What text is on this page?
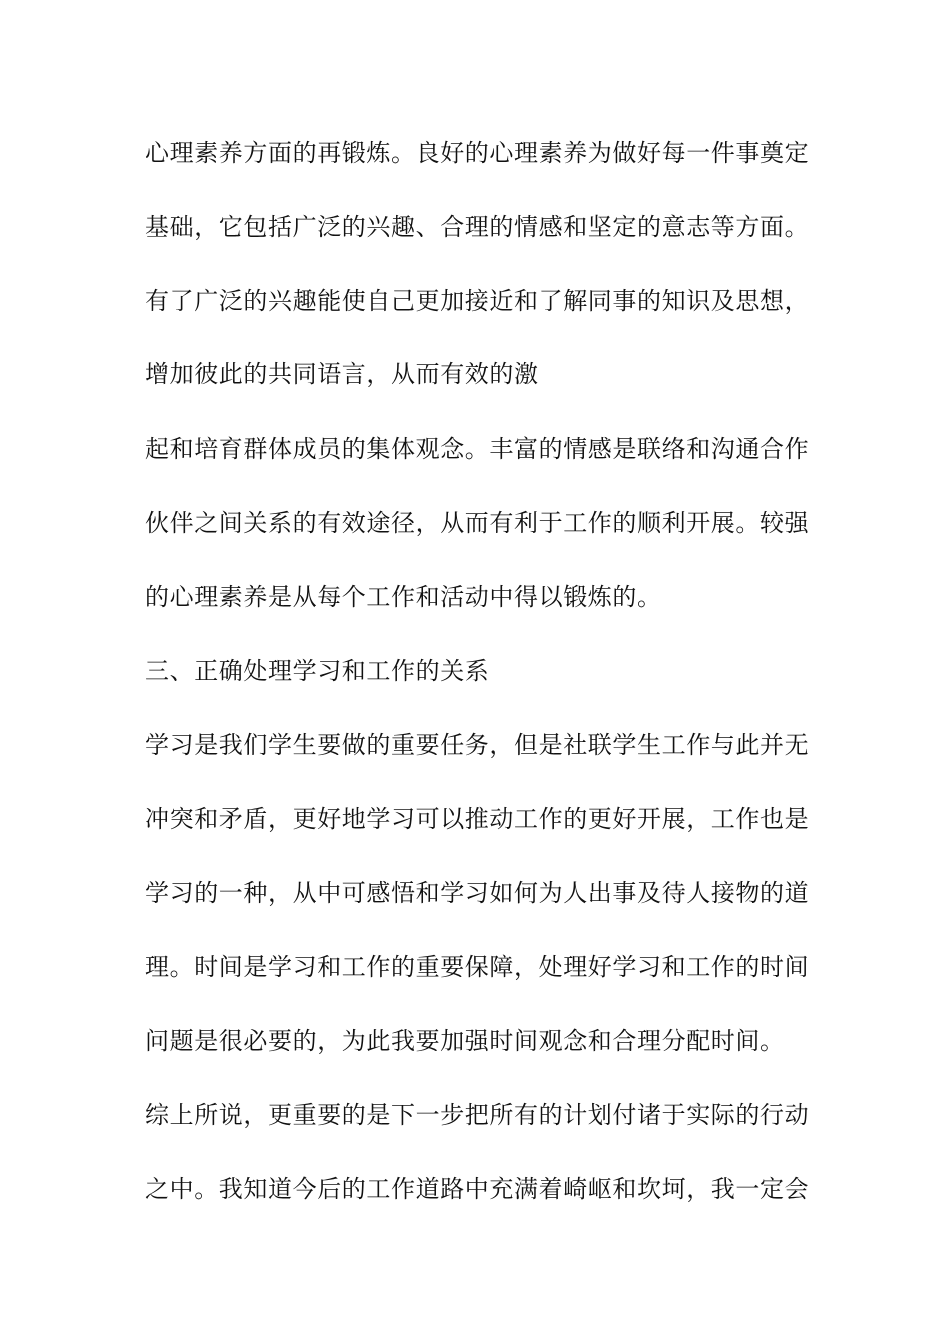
心理素养方面的再锻炼。良好的心理素养为做好每一件事奠定

基础，它包括广泛的兴趣、合理的情感和坚定的意志等方面。

有了广泛的兴趣能使自己更加接近和了解同事的知识及思想，

增加彼此的共同语言，从而有效的激

起和培育群体成员的集体观念。丰富的情感是联络和沟通合作

伙伴之间关系的有效途径，从而有利于工作的顺利开展。较强

的心理素养是从每个工作和活动中得以锻炼的。

三、正确处理学习和工作的关系

学习是我们学生要做的重要任务，但是社联学生工作与此并无

冲突和矛盾，更好地学习可以推动工作的更好开展，工作也是

学习的一种，从中可感悟和学习如何为人出事及待人接物的道

理。时间是学习和工作的重要保障，处理好学习和工作的时间

问题是很必要的，为此我要加强时间观念和合理分配时间。

综上所说，更重要的是下一步把所有的计划付诸于实际的行动

之中。我知道今后的工作道路中充满着崎岖和坎坷，我一定会
